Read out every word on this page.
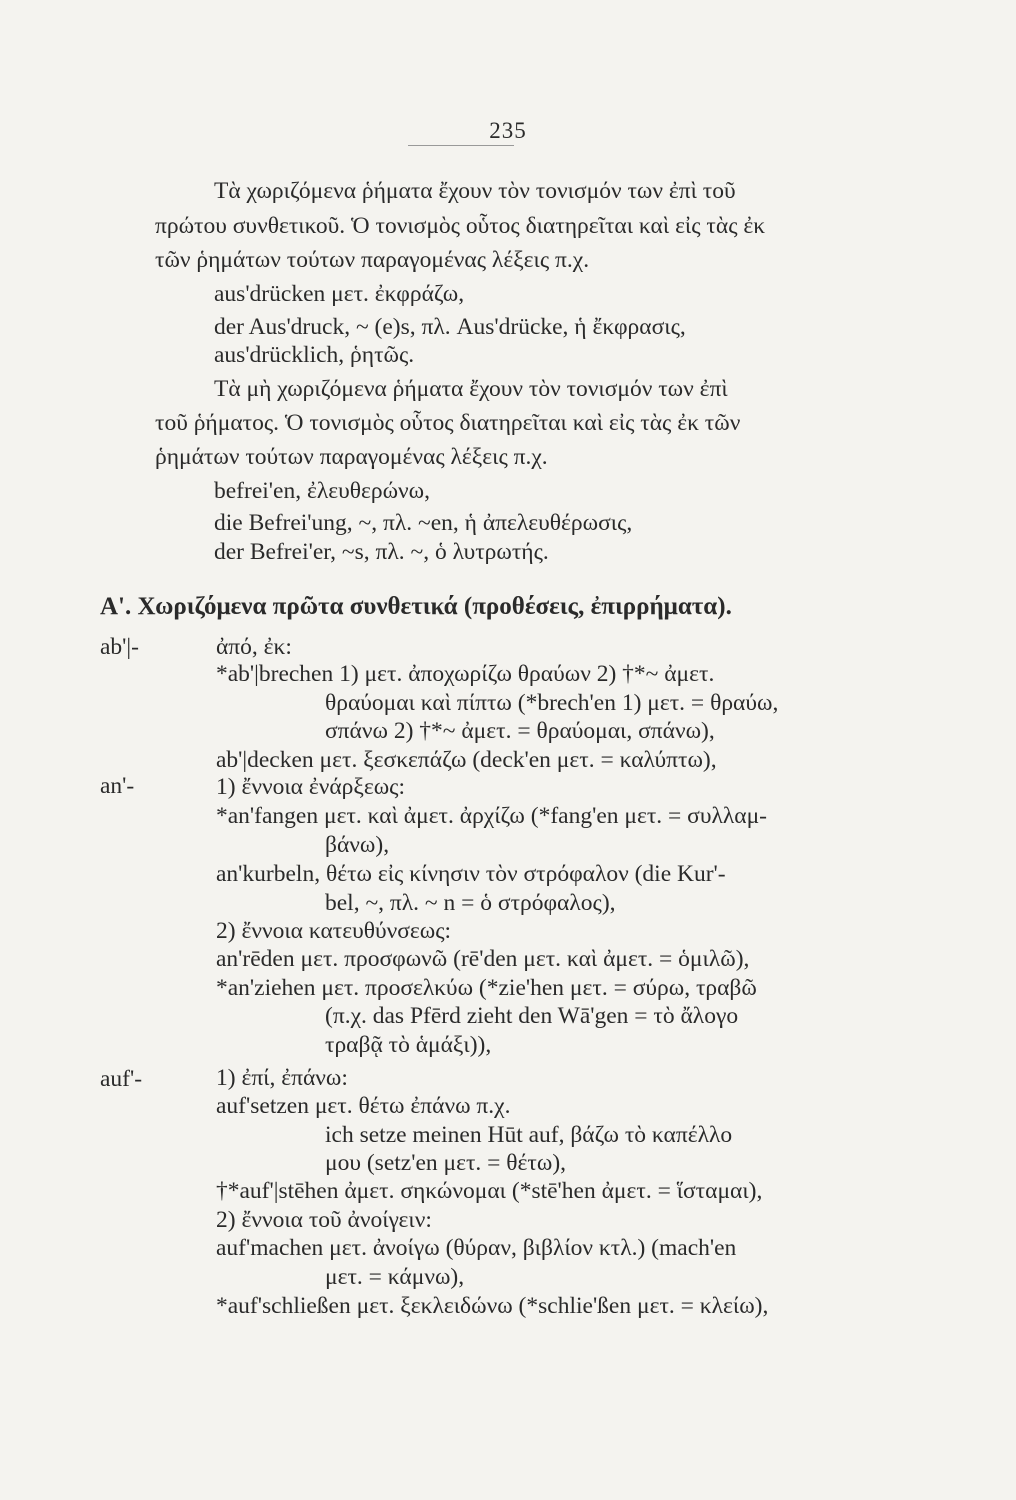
235
Τὰ χωριζόμενα ῥήματα ἔχουν τὸν τονισμόν των ἐπὶ τοῦ
πρώτου συνθετικοῦ. Ὁ τονισμὸς οὗτος διατηρεῖται καὶ εἰς τὰς ἐκ
τῶν ῥημάτων τούτων παραγομένας λέξεις π.χ.
aus'drücken μετ. ἐκφράζω,
der Aus'druck, ~ (e)s, πλ. Aus'drücke, ἡ ἔκφρασις,
aus'drücklich, ῥητῶς.
Τὰ μὴ χωριζόμενα ῥήματα ἔχουν τὸν τονισμόν των ἐπὶ
τοῦ ῥήματος. Ὁ τονισμὸς οὗτος διατηρεῖται καὶ εἰς τὰς ἐκ τῶν
ῥημάτων τούτων παραγομένας λέξεις π.χ.
befrei'en, ἐλευθερώνω,
die Befrei'ung, ~, πλ. ~en, ἡ ἀπελευθέρωσις,
der Befrei'er, ~s, πλ. ~, ὁ λυτρωτής.
Α'. Χωριζόμενα πρῶτα συνθετικά (προθέσεις, ἐπιρρήματα).
ab'|-
an'-
auf'-
ἀπό, ἐκ:
*ab'|brechen 1) μετ. ἀποχωρίζω θραύων 2) †*~ ἀμετ.
θραύομαι καὶ πίπτω (*brech'en 1) μετ. = θραύω,
σπάνω 2) †*~ ἀμετ. = θραύομαι, σπάνω),
ab'|decken μετ. ξεσκεπάζω (deck'en μετ. = καλύπτω),
1) ἔννοια ἐνάρξεως:
*an'fangen μετ. καὶ ἀμετ. ἀρχίζω (*fang'en μετ. = συλλαμ-
βάνω),
an'kurbeln, θέτω εἰς κίνησιν τὸν στρόφαλον (die Kur'-
bel, ~, πλ. ~ n = ὁ στρόφαλος),
2) ἔννοια κατευθύνσεως:
an'rēden μετ. προσφωνῶ (rē'den μετ. καὶ ἀμετ. = ὁμιλῶ),
*an'ziehen μετ. προσελκύω (*zie'hen μετ. = σύρω, τραβῶ
(π.χ. das Pfērd zieht den Wā'gen = τὸ ἄλογο
τραβᾷ τὸ ἁμάξι)),
1) ἐπί, ἐπάνω:
auf'setzen μετ. θέτω ἐπάνω π.χ.
ich setze meinen Hūt auf, βάζω τὸ καπέλλο
μου (setz'en μετ. = θέτω),
†*auf'|stēhen ἀμετ. σηκώνομαι (*stē'hen ἀμετ. = ἵσταμαι),
2) ἔννοια τοῦ ἀνοίγειν:
auf'machen μετ. ἀνοίγω (θύραν, βιβλίον κτλ.) (mach'en
μετ. = κάμνω),
*auf'schließen μετ. ξεκλειδώνω (*schlie'ßen μετ. = κλείω),
